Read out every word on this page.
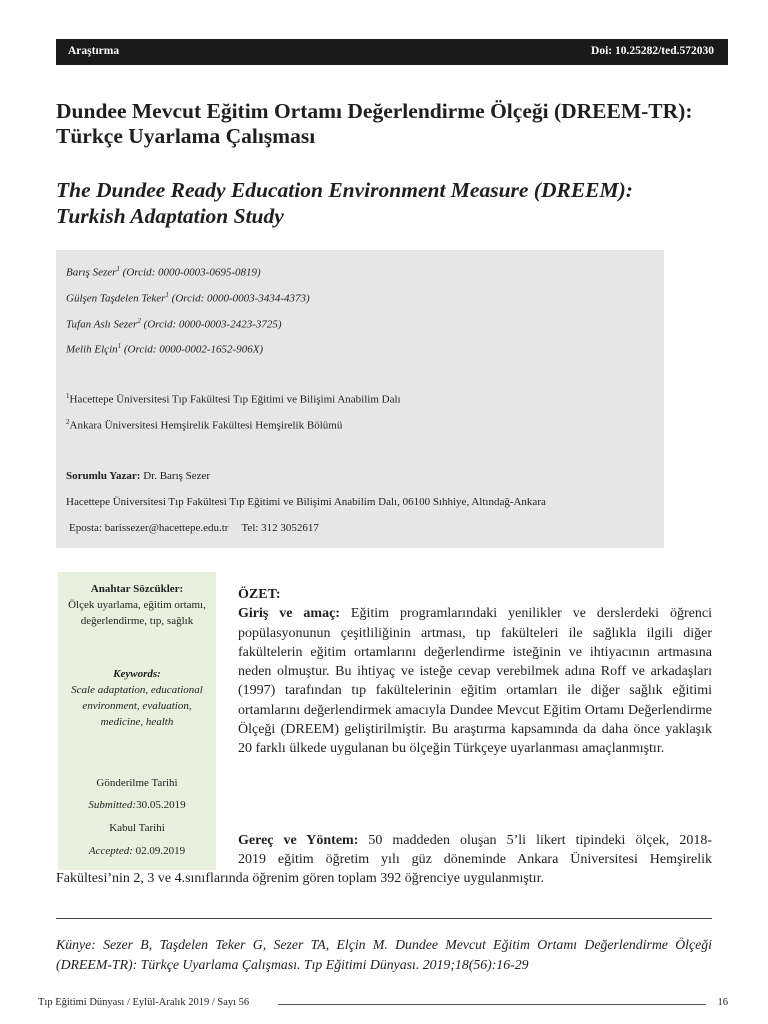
Araştırma	Doi: 10.25282/ted.572030
Dundee Mevcut Eğitim Ortamı Değerlendirme Ölçeği (DREEM-TR): Türkçe Uyarlama Çalışması
The Dundee Ready Education Environment Measure (DREEM): Turkish Adaptation Study
Barış Sezer$^1$ (Orcid: 0000-0003-0695-0819)
Gülşen Taşdelen Teker$^1$ (Orcid: 0000-0003-3434-4373)
Tufan Aslı Sezer$^2$ (Orcid: 0000-0003-2423-3725)
Melih Elçin$^1$ (Orcid: 0000-0002-1652-906X)
$^1$Hacettepe Üniversitesi Tıp Fakültesi Tıp Eğitimi ve Bilişimi Anabilim Dalı
$^2$Ankara Üniversitesi Hemşirelik Fakültesi Hemşirelik Bölümü
Sorumlu Yazar: Dr. Barış Sezer
Hacettepe Üniversitesi Tıp Fakültesi Tıp Eğitimi ve Bilişimi Anabilim Dalı, 06100 Sıhhiye, Altındağ-Ankara
Eposta: barissezer@hacettepe.edu.tr Tel: 312 3052617
Anahtar Sözcükler:
Ölçek uyarlama, eğitim ortamı, değerlendirme, tıp, sağlık
Keywords:
Scale adaptation, educational environment, evaluation, medicine, health
Gönderilme Tarihi
Submitted:30.05.2019
Kabul Tarihi
Accepted: 02.09.2019

ÖZET:

Giriş ve amaç: Eğitim programlarındaki yenilikler ve derslerdeki öğrenci popülasyonunun çeşitliliğinin artması, tıp fakülteleri ile sağlıkla ilgili diğer fakültelerin eğitim ortamlarını değerlendirme isteğinin ve ihtiyacının artmasına neden olmuştur. Bu ihtiyaç ve isteğe cevap verebilmek adına Roff ve arkadaşları (1997) tarafından tıp fakültelerinin eğitim ortamları ile diğer sağlık eğitimi ortamlarını değerlendirmek amacıyla Dundee Mevcut Eğitim Ortamı Değerlendirme Ölçeği (DREEM) geliştirilmiştir. Bu araştırma kapsamında da daha önce yaklaşık 20 farklı ülkede uygulanan bu ölçeğin Türkçeye uyarlanması amaçlanmıştır.

Gereç ve Yöntem: 50 maddeden oluşan 5’li likert tipindeki ölçek, 2018-
2019 eğitim öğretim yılı güz döneminde Ankara Üniversitesi Hemşirelik
Fakültesi’nin 2, 3 ve 4.sınıflarında öğrenim gören toplam 392 öğrenciye uygulanmıştır.
Künye: Sezer B, Taşdelen Teker G, Sezer TA, Elçin M. Dundee Mevcut Eğitim Ortamı Değerlendirme Ölçeği (DREEM-TR): Türkçe Uyarlama Çalışması. Tıp Eğitimi Dünyası. 2019;18(56):16-29
Tıp Eğitimi Dünyası / Eylül-Aralık 2019 / Sayı 56	16
